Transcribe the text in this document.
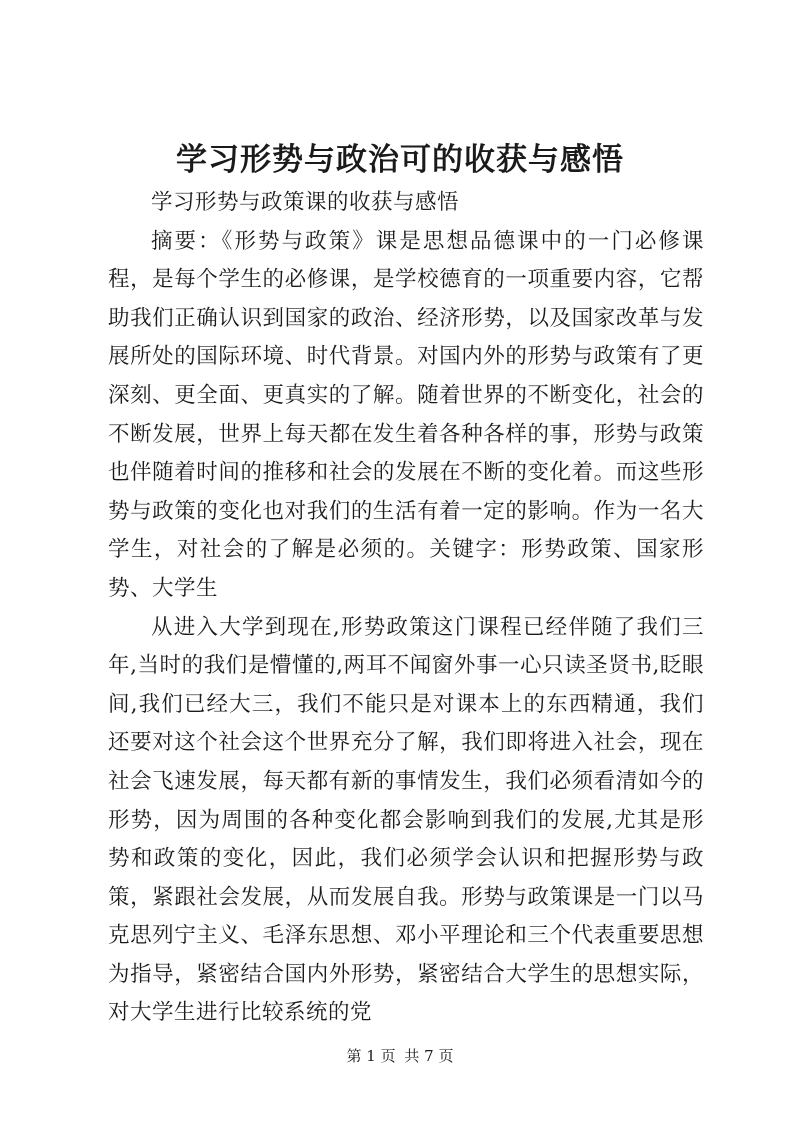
学习形势与政治可的收获与感悟

学习形势与政策课的收获与感悟

摘要：《形势与政策》课是思想品德课中的一门必修课程，是每个学生的必修课，是学校德育的一项重要内容，它帮助我们正确认识到国家的政治、经济形势，以及国家改革与发展所处的国际环境、时代背景。对国内外的形势与政策有了更深刻、更全面、更真实的了解。随着世界的不断变化，社会的不断发展，世界上每天都在发生着各种各样的事，形势与政策也伴随着时间的推移和社会的发展在不断的变化着。而这些形势与政策的变化也对我们的生活有着一定的影响。作为一名大学生，对社会的了解是必须的。关键字：形势政策、国家形势、大学生

从进入大学到现在,形势政策这门课程已经伴随了我们三年,当时的我们是懵懂的,两耳不闻窗外事一心只读圣贤书,眨眼间,我们已经大三，我们不能只是对课本上的东西精通，我们还要对这个社会这个世界充分了解，我们即将进入社会，现在社会飞速发展，每天都有新的事情发生，我们必须看清如今的形势，因为周围的各种变化都会影响到我们的发展,尤其是形势和政策的变化，因此，我们必须学会认识和把握形势与政策，紧跟社会发展，从而发展自我。形势与政策课是一门以马克思列宁主义、毛泽东思想、邓小平理论和三个代表重要思想为指导，紧密结合国内外形势，紧密结合大学生的思想实际，对大学生进行比较系统的党

第 1 页 共 7 页
